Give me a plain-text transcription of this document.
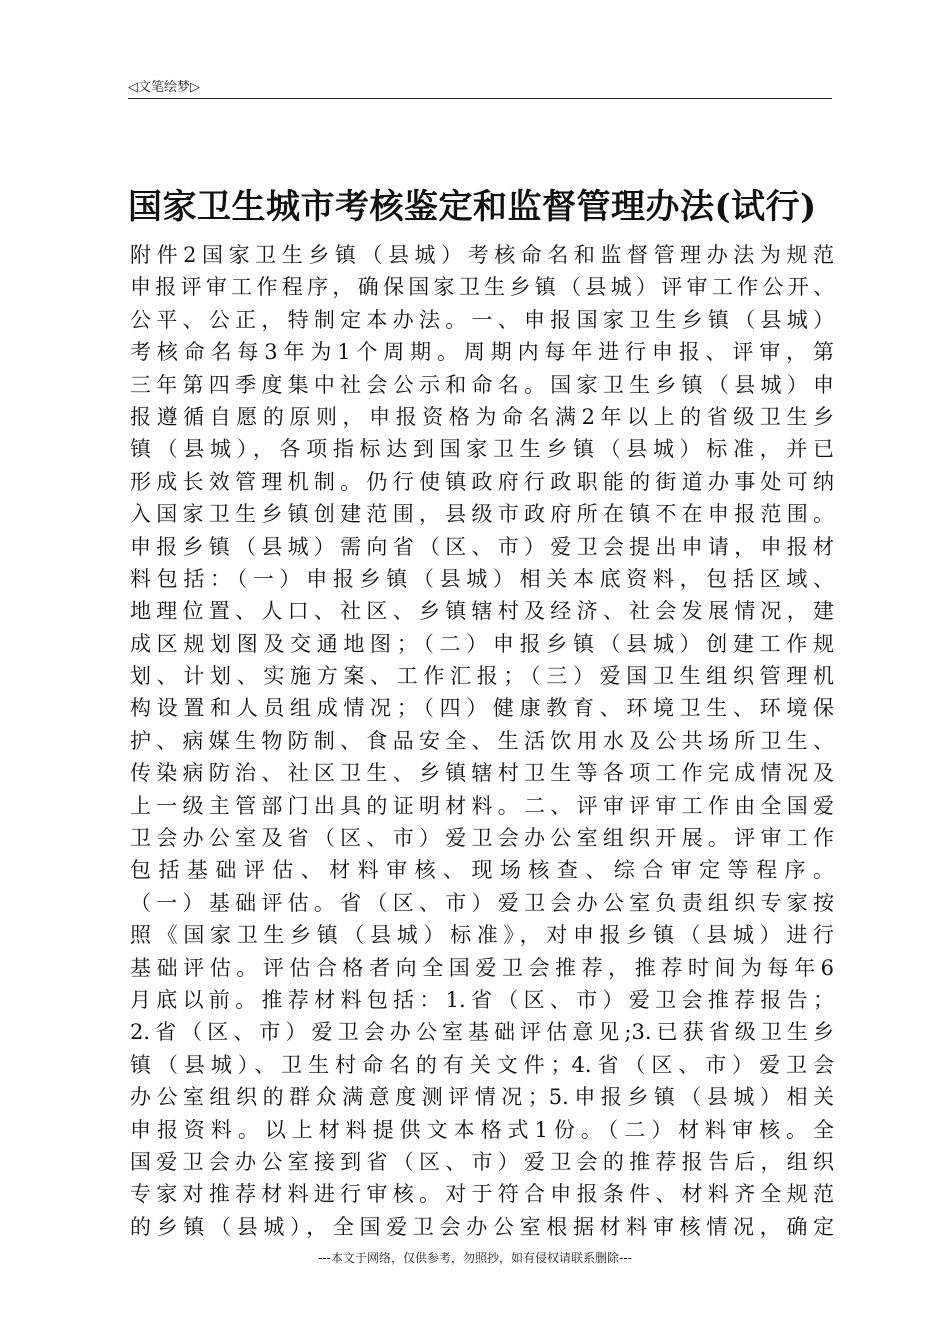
◁文笔绘梦▷
国家卫生城市考核鉴定和监督管理办法(试行)
附件2国家卫生乡镇（县城）考核命名和监督管理办法为规范
申报评审工作程序，确保国家卫生乡镇（县城）评审工作公开、
公平、公正，特制定本办法。一、申报国家卫生乡镇（县城）
考核命名每3年为1个周期。周期内每年进行申报、评审，第
三年第四季度集中社会公示和命名。国家卫生乡镇（县城）申
报遵循自愿的原则，申报资格为命名满2年以上的省级卫生乡
镇（县城），各项指标达到国家卫生乡镇（县城）标准，并已
形成长效管理机制。仍行使镇政府行政职能的街道办事处可纳
入国家卫生乡镇创建范围，县级市政府所在镇不在申报范围。
申报乡镇（县城）需向省（区、市）爱卫会提出申请，申报材
料包括：（一）申报乡镇（县城）相关本底资料，包括区域、
地理位置、人口、社区、乡镇辖村及经济、社会发展情况，建
成区规划图及交通地图；（二）申报乡镇（县城）创建工作规
划、计划、实施方案、工作汇报；（三）爱国卫生组织管理机
构设置和人员组成情况；（四）健康教育、环境卫生、环境保
护、病媒生物防制、食品安全、生活饮用水及公共场所卫生、
传染病防治、社区卫生、乡镇辖村卫生等各项工作完成情况及
上一级主管部门出具的证明材料。二、评审评审工作由全国爱
卫会办公室及省（区、市）爱卫会办公室组织开展。评审工作
包括基础评估、材料审核、现场核查、综合审定等程序。
（一）基础评估。省（区、市）爱卫会办公室负责组织专家按
照《国家卫生乡镇（县城）标准》，对申报乡镇（县城）进行
基础评估。评估合格者向全国爱卫会推荐，推荐时间为每年6
月底以前。推荐材料包括：1.省（区、市）爱卫会推荐报告；
2.省（区、市）爱卫会办公室基础评估意见;3.已获省级卫生乡
镇（县城）、卫生村命名的有关文件；4.省（区、市）爱卫会
办公室组织的群众满意度测评情况；5.申报乡镇（县城）相关
申报资料。以上材料提供文本格式1份。（二）材料审核。全
国爱卫会办公室接到省（区、市）爱卫会的推荐报告后，组织
专家对推荐材料进行审核。对于符合申报条件、材料齐全规范
的乡镇（县城），全国爱卫会办公室根据材料审核情况，确定
---本文于网络，仅供参考，勿照抄，如有侵权请联系删除---
